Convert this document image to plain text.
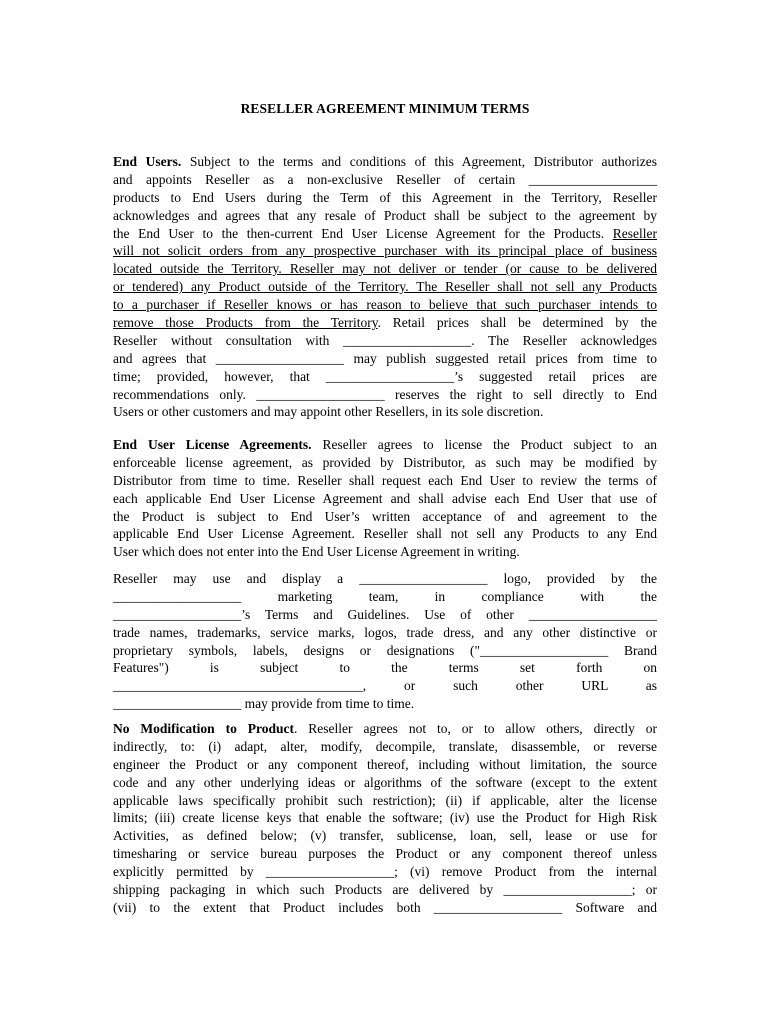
RESELLER AGREEMENT MINIMUM TERMS
End Users. Subject to the terms and conditions of this Agreement, Distributor authorizes
and appoints Reseller as a non-exclusive Reseller of certain ___________________
products to End Users during the Term of this Agreement in the Territory, Reseller
acknowledges and agrees that any resale of Product shall be subject to the agreement by
the End User to the then-current End User License Agreement for the Products. Reseller
will not solicit orders from any prospective purchaser with its principal place of business
located outside the Territory. Reseller may not deliver or tender (or cause to be delivered
or tendered) any Product outside of the Territory. The Reseller shall not sell any Products
to a purchaser if Reseller knows or has reason to believe that such purchaser intends to
remove those Products from the Territory. Retail prices shall be determined by the
Reseller without consultation with ___________________. The Reseller acknowledges
and agrees that ___________________ may publish suggested retail prices from time to
time; provided, however, that ___________________’s suggested retail prices are
recommendations only. ___________________ reserves the right to sell directly to End
Users or other customers and may appoint other Resellers, in its sole discretion.
End User License Agreements. Reseller agrees to license the Product subject to an
enforceable license agreement, as provided by Distributor, as such may be modified by
Distributor from time to time. Reseller shall request each End User to review the terms of
each applicable End User License Agreement and shall advise each End User that use of
the Product is subject to End User’s written acceptance of and agreement to the
applicable End User License Agreement. Reseller shall not sell any Products to any End
User which does not enter into the End User License Agreement in writing.
Reseller may use and display a ___________________ logo, provided by the
___________________ marketing team, in compliance with the
___________________’s Terms and Guidelines. Use of other ___________________
trade names, trademarks, service marks, logos, trade dress, and any other distinctive or
proprietary symbols, labels, designs or designations ("___________________ Brand
Features") is subject to the terms set forth on
_____________________________________, or such other URL as
___________________ may provide from time to time.
No Modification to Product. Reseller agrees not to, or to allow others, directly or
indirectly, to: (i) adapt, alter, modify, decompile, translate, disassemble, or reverse
engineer the Product or any component thereof, including without limitation, the source
code and any other underlying ideas or algorithms of the software (except to the extent
applicable laws specifically prohibit such restriction); (ii) if applicable, alter the license
limits; (iii) create license keys that enable the software; (iv) use the Product for High Risk
Activities, as defined below; (v) transfer, sublicense, loan, sell, lease or use for
timesharing or service bureau purposes the Product or any component thereof unless
explicitly permitted by ___________________; (vi) remove Product from the internal
shipping packaging in which such Products are delivered by ___________________; or
(vii) to the extent that Product includes both ___________________ Software and
